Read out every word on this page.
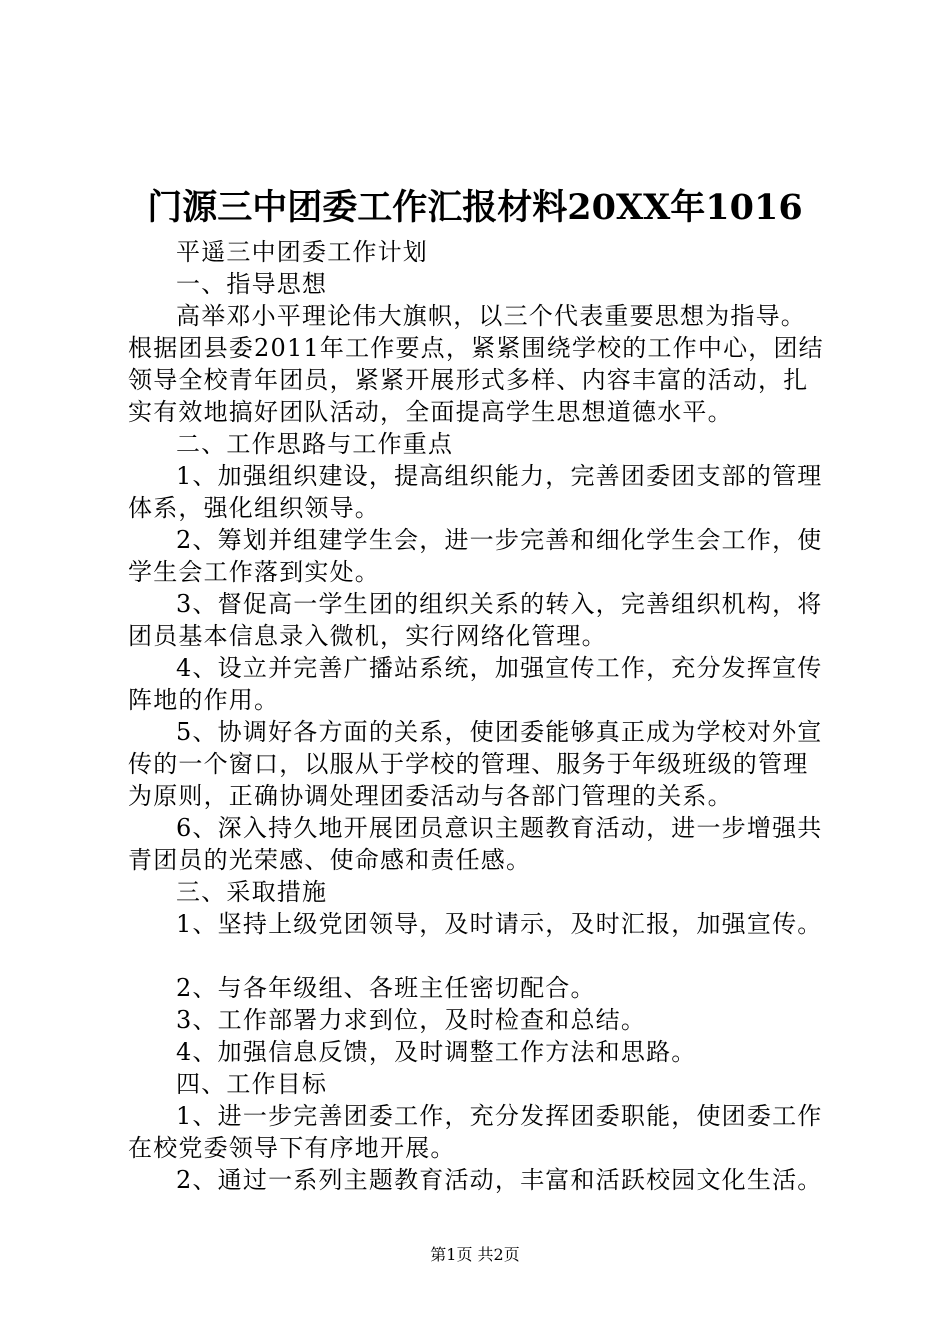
门源三中团委工作汇报材料20XX年1016
平遥三中团委工作计划
一、指导思想
高举邓小平理论伟大旗帜，以三个代表重要思想为指导。
根据团县委2011年工作要点，紧紧围绕学校的工作中心，团结
领导全校青年团员，紧紧开展形式多样、内容丰富的活动，扎
实有效地搞好团队活动，全面提高学生思想道德水平。
二、工作思路与工作重点
1、加强组织建设，提高组织能力，完善团委团支部的管理
体系，强化组织领导。
2、筹划并组建学生会，进一步完善和细化学生会工作，使
学生会工作落到实处。
3、督促高一学生团的组织关系的转入，完善组织机构，将
团员基本信息录入微机，实行网络化管理。
4、设立并完善广播站系统，加强宣传工作，充分发挥宣传
阵地的作用。
5、协调好各方面的关系，使团委能够真正成为学校对外宣
传的一个窗口，以服从于学校的管理、服务于年级班级的管理
为原则，正确协调处理团委活动与各部门管理的关系。
6、深入持久地开展团员意识主题教育活动，进一步增强共
青团员的光荣感、使命感和责任感。
三、采取措施
1、坚持上级党团领导，及时请示，及时汇报，加强宣传。
2、与各年级组、各班主任密切配合。
3、工作部署力求到位，及时检查和总结。
4、加强信息反馈，及时调整工作方法和思路。
四、工作目标
1、进一步完善团委工作，充分发挥团委职能，使团委工作
在校党委领导下有序地开展。
2、通过一系列主题教育活动，丰富和活跃校园文化生活。
第1页 共2页
